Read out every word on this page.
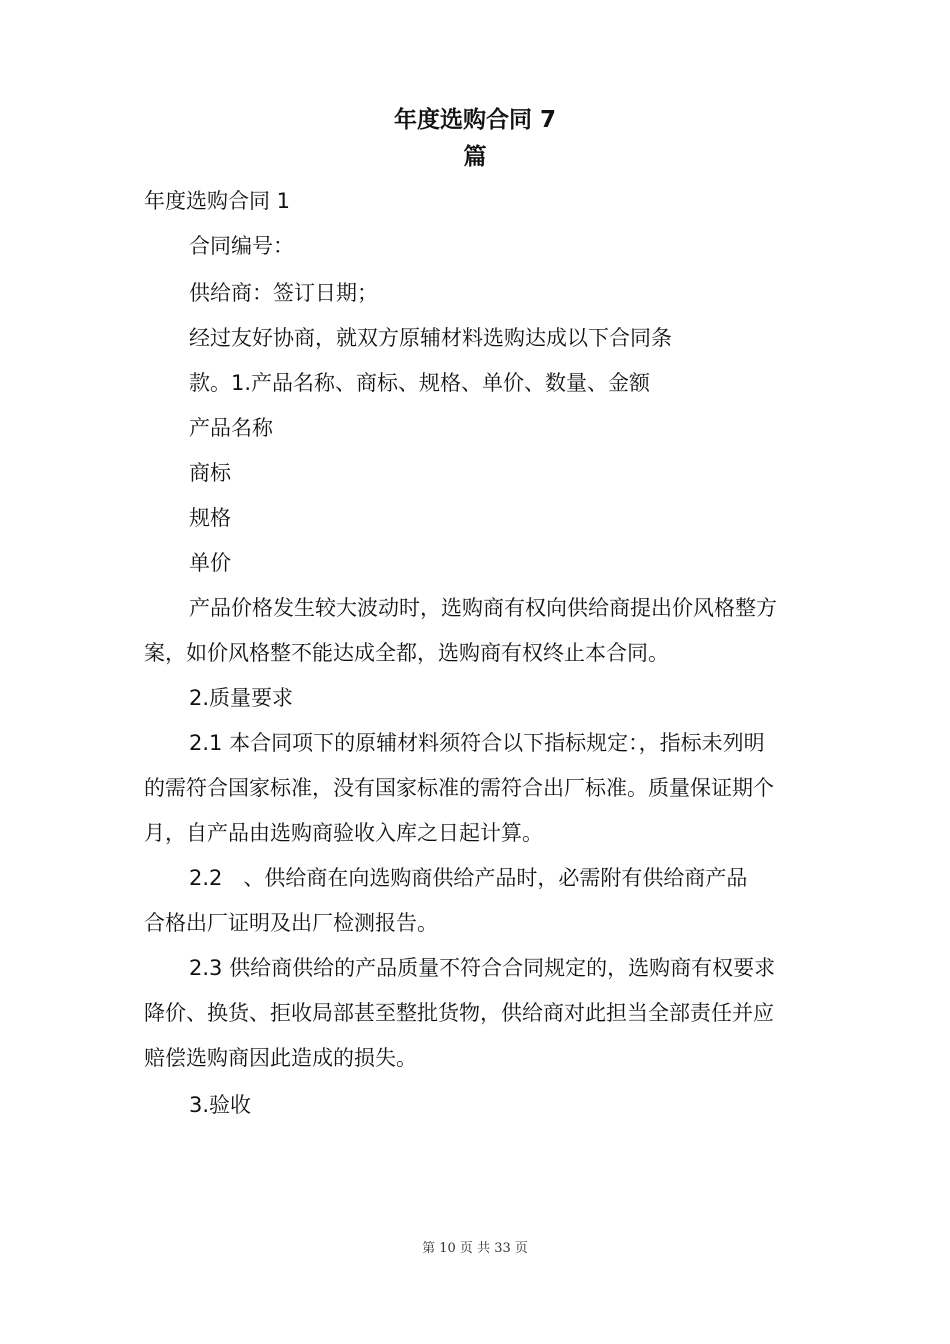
年度选购合同 7
篇

年度选购合同 1

合同编号：

供给商：签订日期；

经过友好协商，就双方原辅材料选购达成以下合同条

款。1.产品名称、商标、规格、单价、数量、金额

产品名称

商标

规格

单价

产品价格发生较大波动时，选购商有权向供给商提出价风格整方

案，如价风格整不能达成全都，选购商有权终止本合同。

2.质量要求

2.1 本合同项下的原辅材料须符合以下指标规定：，指标未列明

的需符合国家标准，没有国家标准的需符合出厂标准。质量保证期个

月，自产品由选购商验收入库之日起计算。

2.2　、供给商在向选购商供给产品时，必需附有供给商产品

合格出厂证明及出厂检测报告。

2.3 供给商供给的产品质量不符合合同规定的，选购商有权要求

降价、换货、拒收局部甚至整批货物，供给商对此担当全部责任并应

赔偿选购商因此造成的损失。

3.验收

第 10 页 共 33 页
